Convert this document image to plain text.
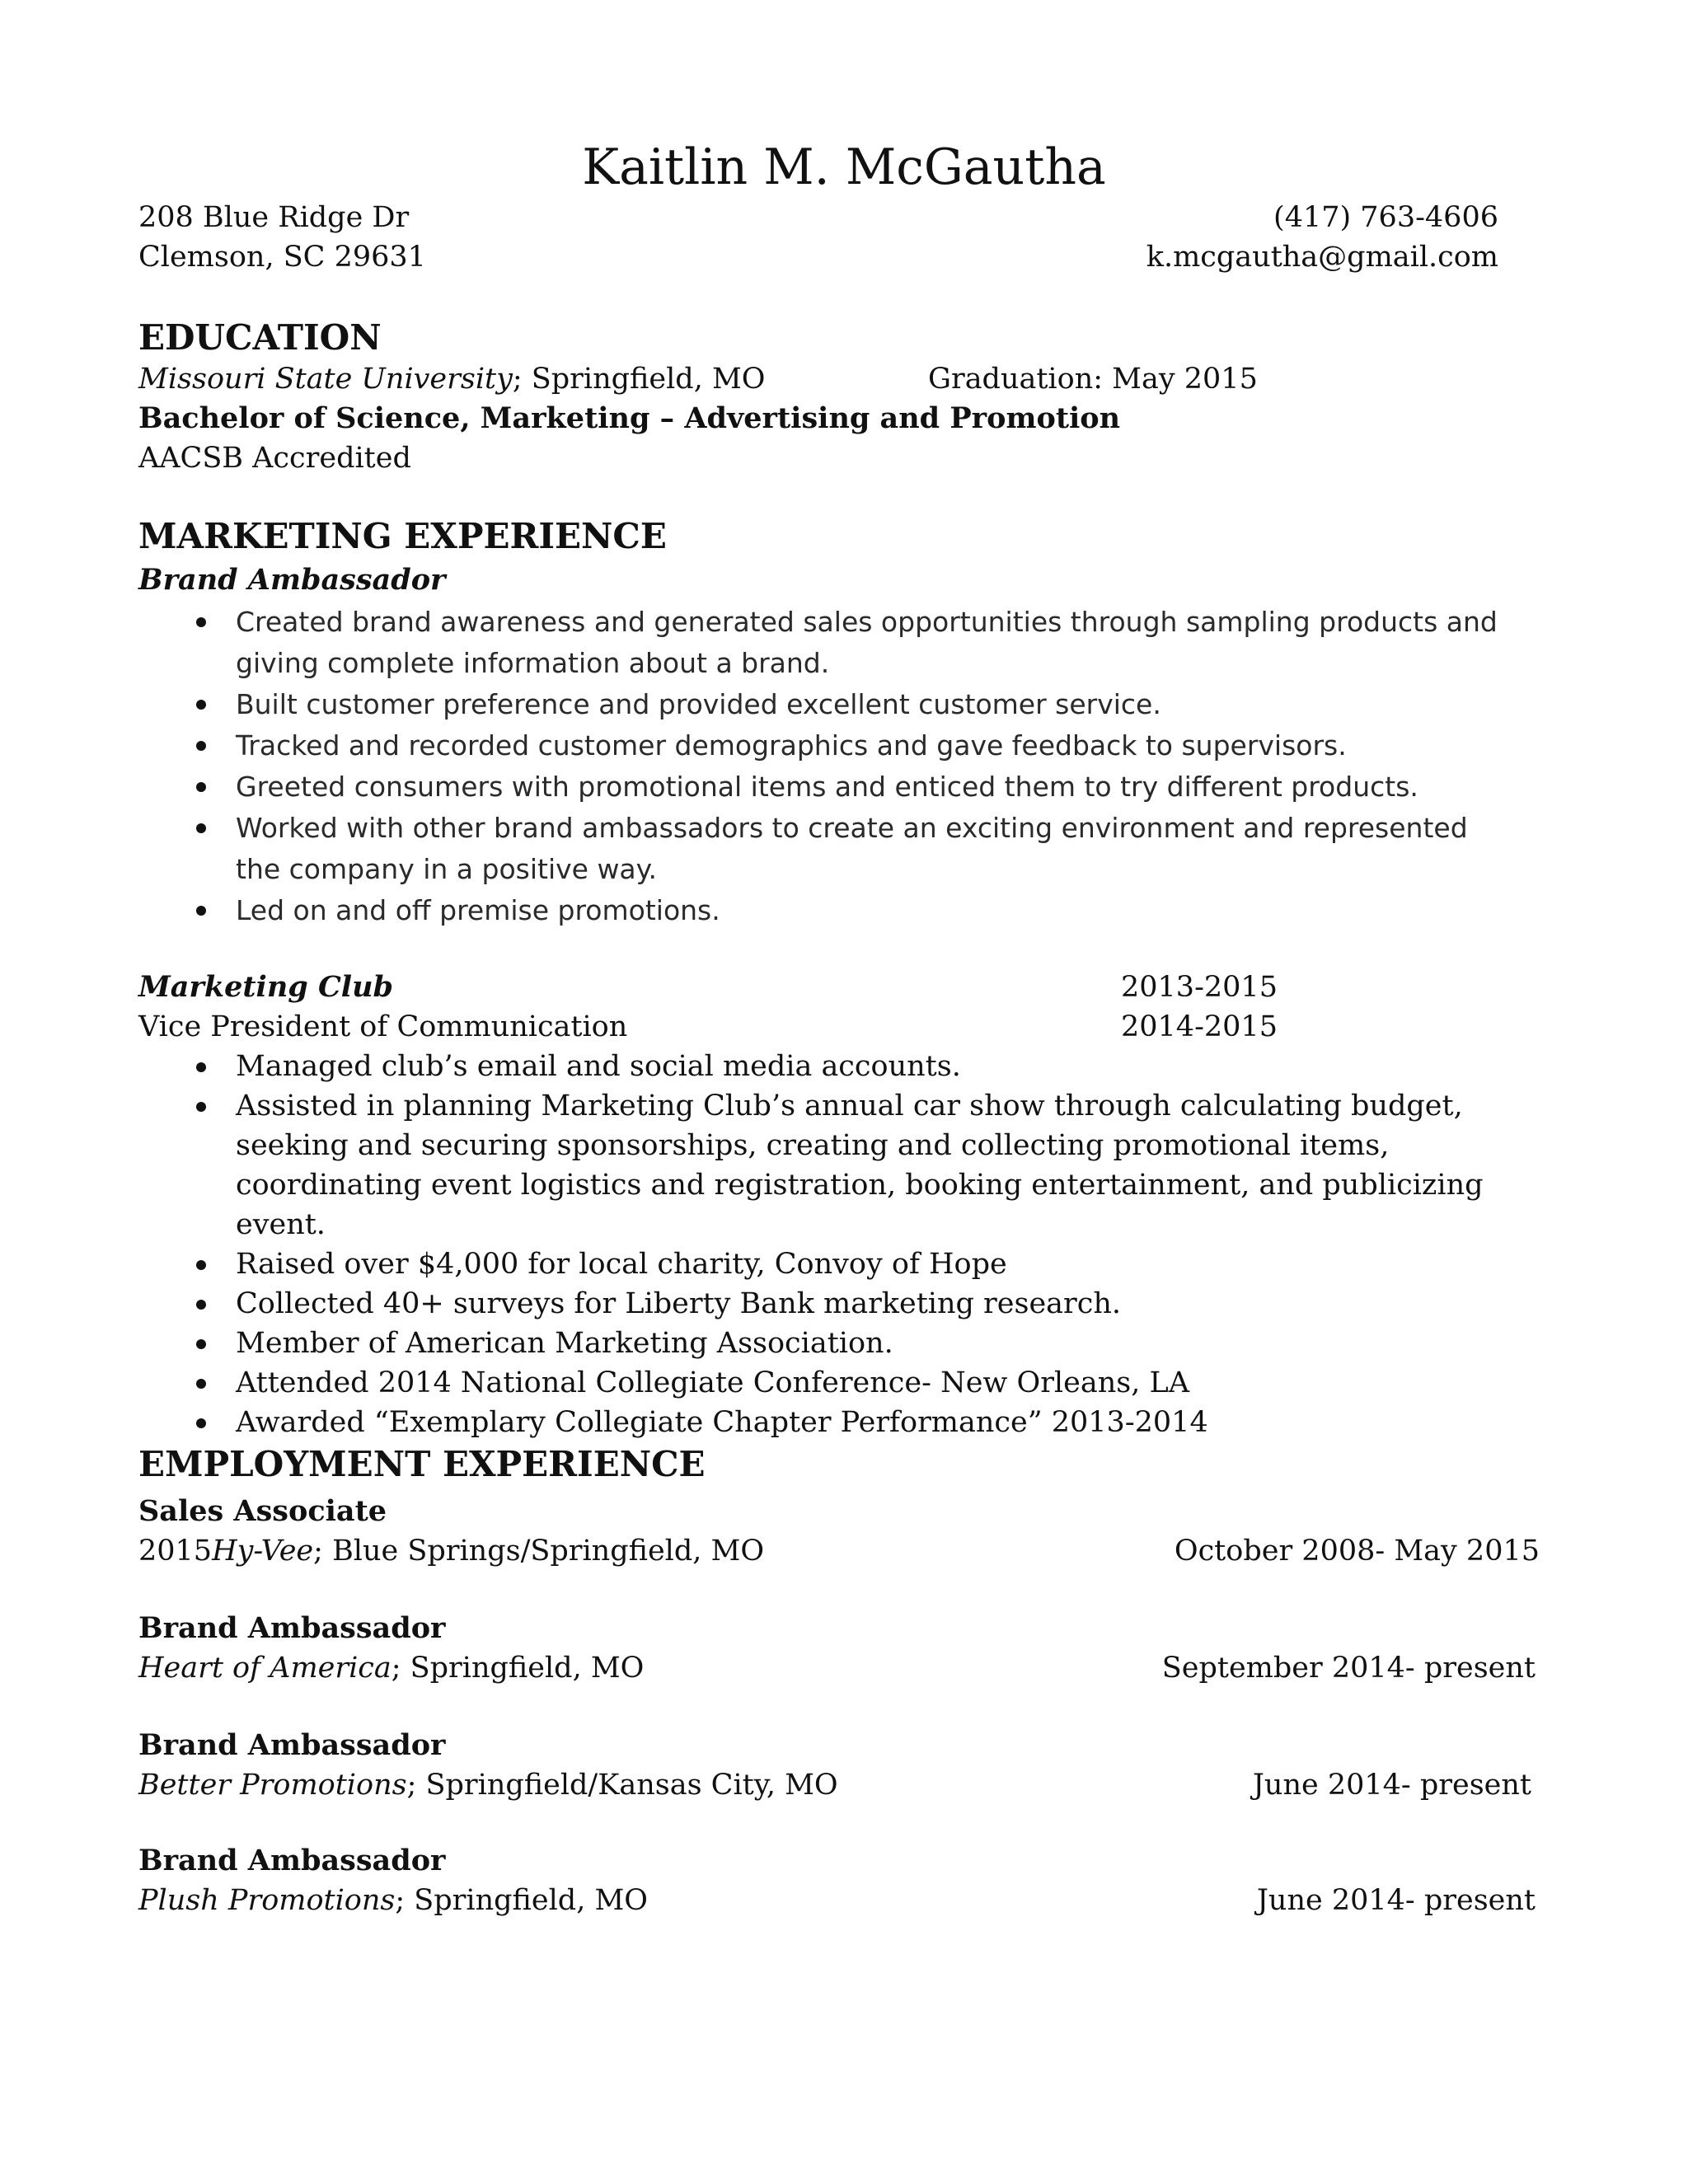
Kaitlin M. McGautha
208 Blue Ridge Dr
Clemson, SC 29631
(417) 763-4606
k.mcgautha@gmail.com
EDUCATION
Missouri State University; Springfield, MO	Graduation: May 2015
Bachelor of Science, Marketing – Advertising and Promotion
AACSB Accredited
MARKETING EXPERIENCE
Brand Ambassador
Created brand awareness and generated sales opportunities through sampling products and giving complete information about a brand.
Built customer preference and provided excellent customer service.
Tracked and recorded customer demographics and gave feedback to supervisors.
Greeted consumers with promotional items and enticed them to try different products.
Worked with other brand ambassadors to create an exciting environment and represented the company in a positive way.
Led on and off premise promotions.
Marketing Club	2013-2015
Vice President of Communication	2014-2015
Managed club’s email and social media accounts.
Assisted in planning Marketing Club’s annual car show through calculating budget, seeking and securing sponsorships, creating and collecting promotional items, coordinating event logistics and registration, booking entertainment, and publicizing event.
Raised over $4,000 for local charity, Convoy of Hope
Collected 40+ surveys for Liberty Bank marketing research.
Member of American Marketing Association.
Attended 2014 National Collegiate Conference- New Orleans, LA
Awarded “Exemplary Collegiate Chapter Performance” 2013-2014
EMPLOYMENT EXPERIENCE
Sales Associate
2015Hy-Vee; Blue Springs/Springfield, MO	October 2008- May 2015
Brand Ambassador
Heart of America; Springfield, MO	September 2014- present
Brand Ambassador
Better Promotions; Springfield/Kansas City, MO	June 2014- present
Brand Ambassador
Plush Promotions; Springfield, MO	June 2014- present
